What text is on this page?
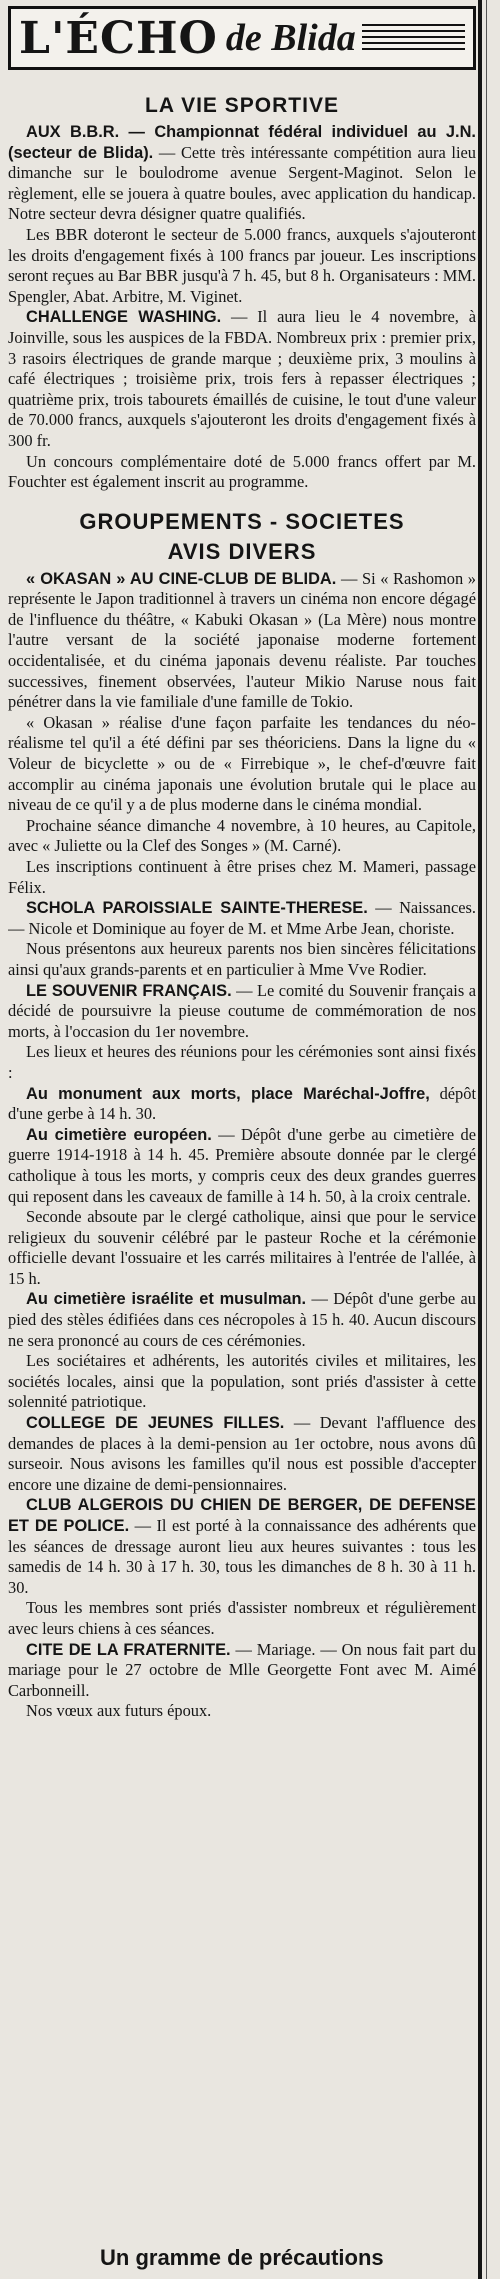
L'ÉCHO de Blida
LA VIE SPORTIVE

AUX B.B.R. — Championnat fédéral individuel au J.N. (secteur de Blida). — Cette très intéressante compétition aura lieu dimanche sur le boulodrome avenue Sergent-Maginot. Selon le règlement, elle se jouera à quatre boules, avec application du handicap. Notre secteur devra désigner quatre qualifiés.

Les BBR doteront le secteur de 5.000 francs, auxquels s'ajouteront les droits d'engagement fixés à 100 francs par joueur. Les inscriptions seront reçues au Bar BBR jusqu'à 7 h. 45, but 8 h. Organisateurs : MM. Spengler, Abat. Arbitre, M. Viginet.

CHALLENGE WASHING. — Il aura lieu le 4 novembre, à Joinville, sous les auspices de la FBDA. Nombreux prix : premier prix, 3 rasoirs électriques de grande marque ; deuxième prix, 3 moulins à café électriques ; troisième prix, trois fers à repasser électriques ; quatrième prix, trois tabourets émaillés de cuisine, le tout d'une valeur de 70.000 francs, auxquels s'ajouteront les droits d'engagement fixés à 300 fr.

Un concours complémentaire doté de 5.000 francs offert par M. Fouchter est également inscrit au programme.

GROUPEMENTS - SOCIETES
AVIS DIVERS

« OKASAN » AU CINE-CLUB DE BLIDA. — Si « Rashomon » représente le Japon traditionnel à travers un cinéma non encore dégagé de l'influence du théâtre, « Kabuki Okasan » (La Mère) nous montre l'autre versant de la société japonaise moderne fortement occidentalisée, et du cinéma japonais devenu réaliste. Par touches successives, finement observées, l'auteur Mikio Naruse nous fait pénétrer dans la vie familiale d'une famille de Tokio.

« Okasan » réalise d'une façon parfaite les tendances du néo-réalisme tel qu'il a été défini par ses théoriciens. Dans la ligne du « Voleur de bicyclette » ou de « Firrebique », le chef-d'œuvre fait accomplir au cinéma japonais une évolution brutale qui le place au niveau de ce qu'il y a de plus moderne dans le cinéma mondial.

Prochaine séance dimanche 4 novembre, à 10 heures, au Capitole, avec « Juliette ou la Clef des Songes » (M. Carné).

Les inscriptions continuent à être prises chez M. Mameri, passage Félix.

SCHOLA PAROISSIALE SAINTE-THERESE. — Naissances. — Nicole et Dominique au foyer de M. et Mme Arbe Jean, choriste.

Nous présentons aux heureux parents nos bien sincères félicitations ainsi qu'aux grands-parents et en particulier à Mme Vve Rodier.

LE SOUVENIR FRANÇAIS. — Le comité du Souvenir français a décidé de poursuivre la pieuse coutume de commémoration de nos morts, à l'occasion du 1er novembre.

Les lieux et heures des réunions pour les cérémonies sont ainsi fixés :

Au monument aux morts, place Maréchal-Joffre, dépôt d'une gerbe à 14 h. 30.

Au cimetière européen. — Dépôt d'une gerbe au cimetière de guerre 1914-1918 à 14 h. 45. Première absoute donnée par le clergé catholique à tous les morts, y compris ceux des deux grandes guerres qui reposent dans les caveaux de famille à 14 h. 50, à la croix centrale.

Seconde absoute par le clergé catholique, ainsi que pour le service religieux du souvenir célébré par le pasteur Roche et la cérémonie officielle devant l'ossuaire et les carrés militaires à l'entrée de l'allée, à 15 h.

Au cimetière israélite et musulman. — Dépôt d'une gerbe au pied des stèles édifiées dans ces nécropoles à 15 h. 40. Aucun discours ne sera prononcé au cours de ces cérémonies.

Les sociétaires et adhérents, les autorités civiles et militaires, les sociétés locales, ainsi que la population, sont priés d'assister à cette solennité patriotique.

COLLEGE DE JEUNES FILLES. — Devant l'affluence des demandes de places à la demi-pension au 1er octobre, nous avons dû surseoir. Nous avisons les familles qu'il nous est possible d'accepter encore une dizaine de demi-pensionnaires.

CLUB ALGEROIS DU CHIEN DE BERGER, DE DEFENSE ET DE POLICE. — Il est porté à la connaissance des adhérents que les séances de dressage auront lieu aux heures suivantes : tous les samedis de 14 h. 30 à 17 h. 30, tous les dimanches de 8 h. 30 à 11 h. 30.

Tous les membres sont priés d'assister nombreux et régulièrement avec leurs chiens à ces séances.

CITE DE LA FRATERNITE. — Mariage. — On nous fait part du mariage pour le 27 octobre de Mlle Georgette Font avec M. Aimé Carbonneill.

Nos vœux aux futurs époux.

Un gramme de précautions
